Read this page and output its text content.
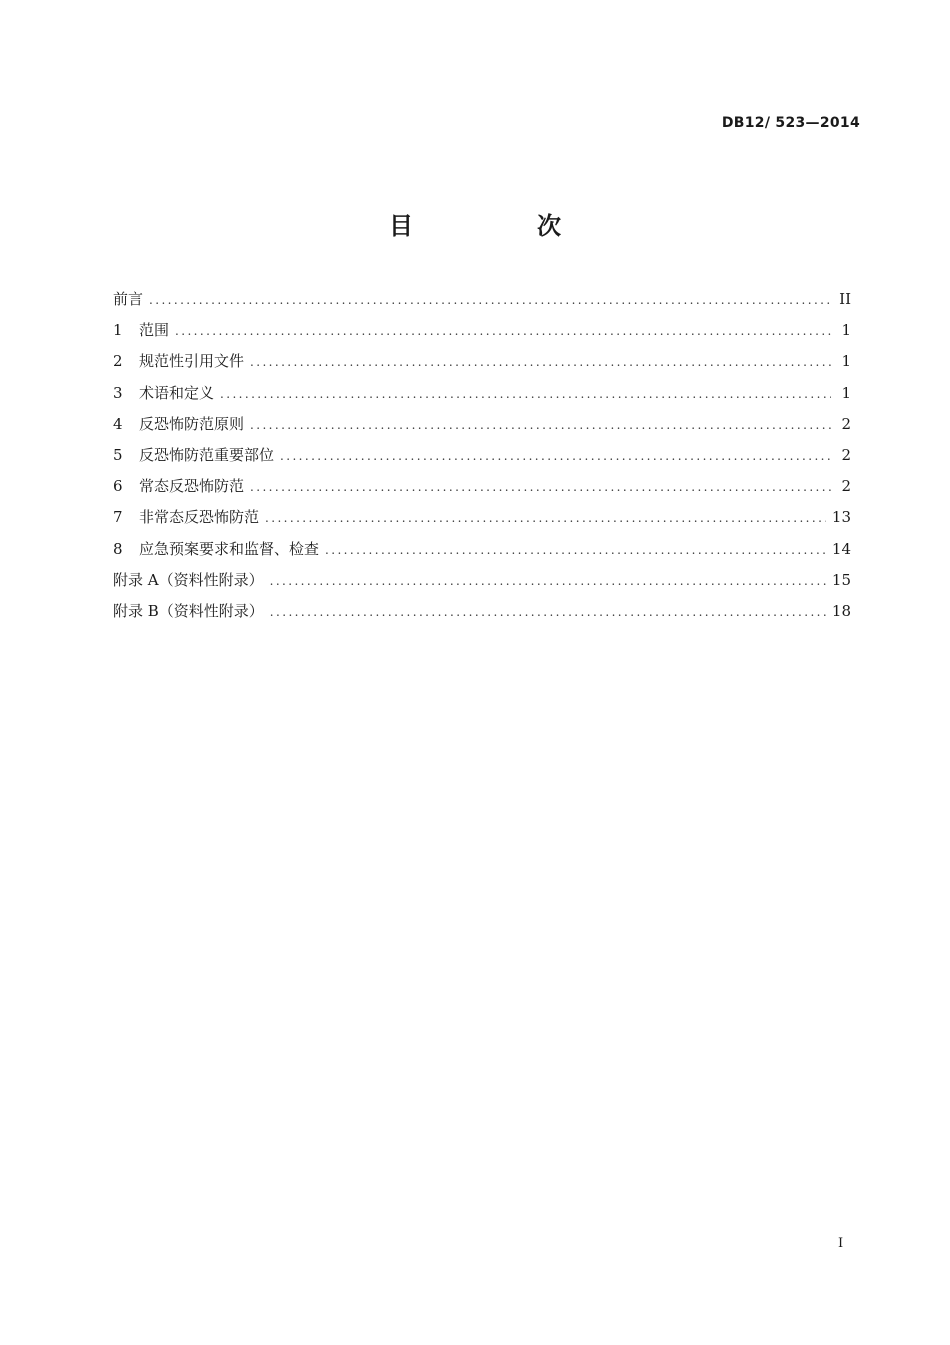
DB12/ 523—2014
目　次
前言 .....	II
1	范围 .....	1
2	规范性引用文件 .....	1
3	术语和定义 .....	1
4	反恐怖防范原则 .....	2
5	反恐怖防范重要部位 .....	2
6	常态反恐怖防范 .....	2
7	非常态反恐怖防范 .....	13
8	应急预案要求和监督、检查 .....	14
附录 A（资料性附录） .....	15
附录 B（资料性附录） .....	18
I
